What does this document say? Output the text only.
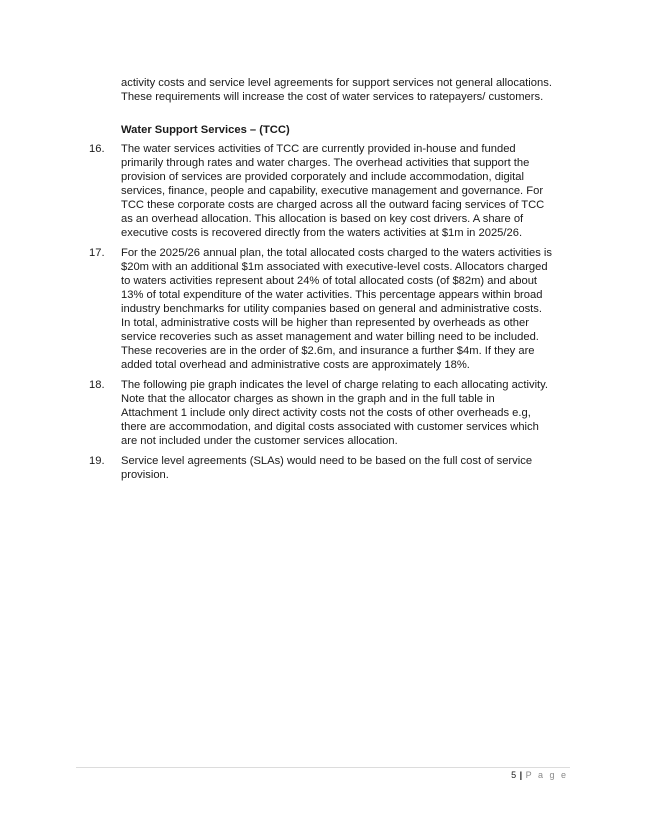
activity costs and service level agreements for support services not general allocations.
These requirements will increase the cost of water services to ratepayers/ customers.
Water Support Services – (TCC)
16. The water services activities of TCC are currently provided in-house and funded
primarily through rates and water charges. The overhead activities that support the
provision of services are provided corporately and include accommodation, digital
services, finance, people and capability, executive management and governance. For
TCC these corporate costs are charged across all the outward facing services of TCC
as an overhead allocation. This allocation is based on key cost drivers. A share of
executive costs is recovered directly from the waters activities at $1m in 2025/26.
17. For the 2025/26 annual plan, the total allocated costs charged to the waters activities is
$20m with an additional $1m associated with executive-level costs. Allocators charged
to waters activities represent about 24% of total allocated costs (of $82m) and about
13% of total expenditure of the water activities. This percentage appears within broad
industry benchmarks for utility companies based on general and administrative costs.
In total, administrative costs will be higher than represented by overheads as other
service recoveries such as asset management and water billing need to be included.
These recoveries are in the order of $2.6m, and insurance a further $4m. If they are
added total overhead and administrative costs are approximately 18%.
18. The following pie graph indicates the level of charge relating to each allocating activity.
Note that the allocator charges as shown in the graph and in the full table in
Attachment 1 include only direct activity costs not the costs of other overheads e.g,
there are accommodation, and digital costs associated with customer services which
are not included under the customer services allocation.
19. Service level agreements (SLAs) would need to be based on the full cost of service
provision.
5 | P a g e
